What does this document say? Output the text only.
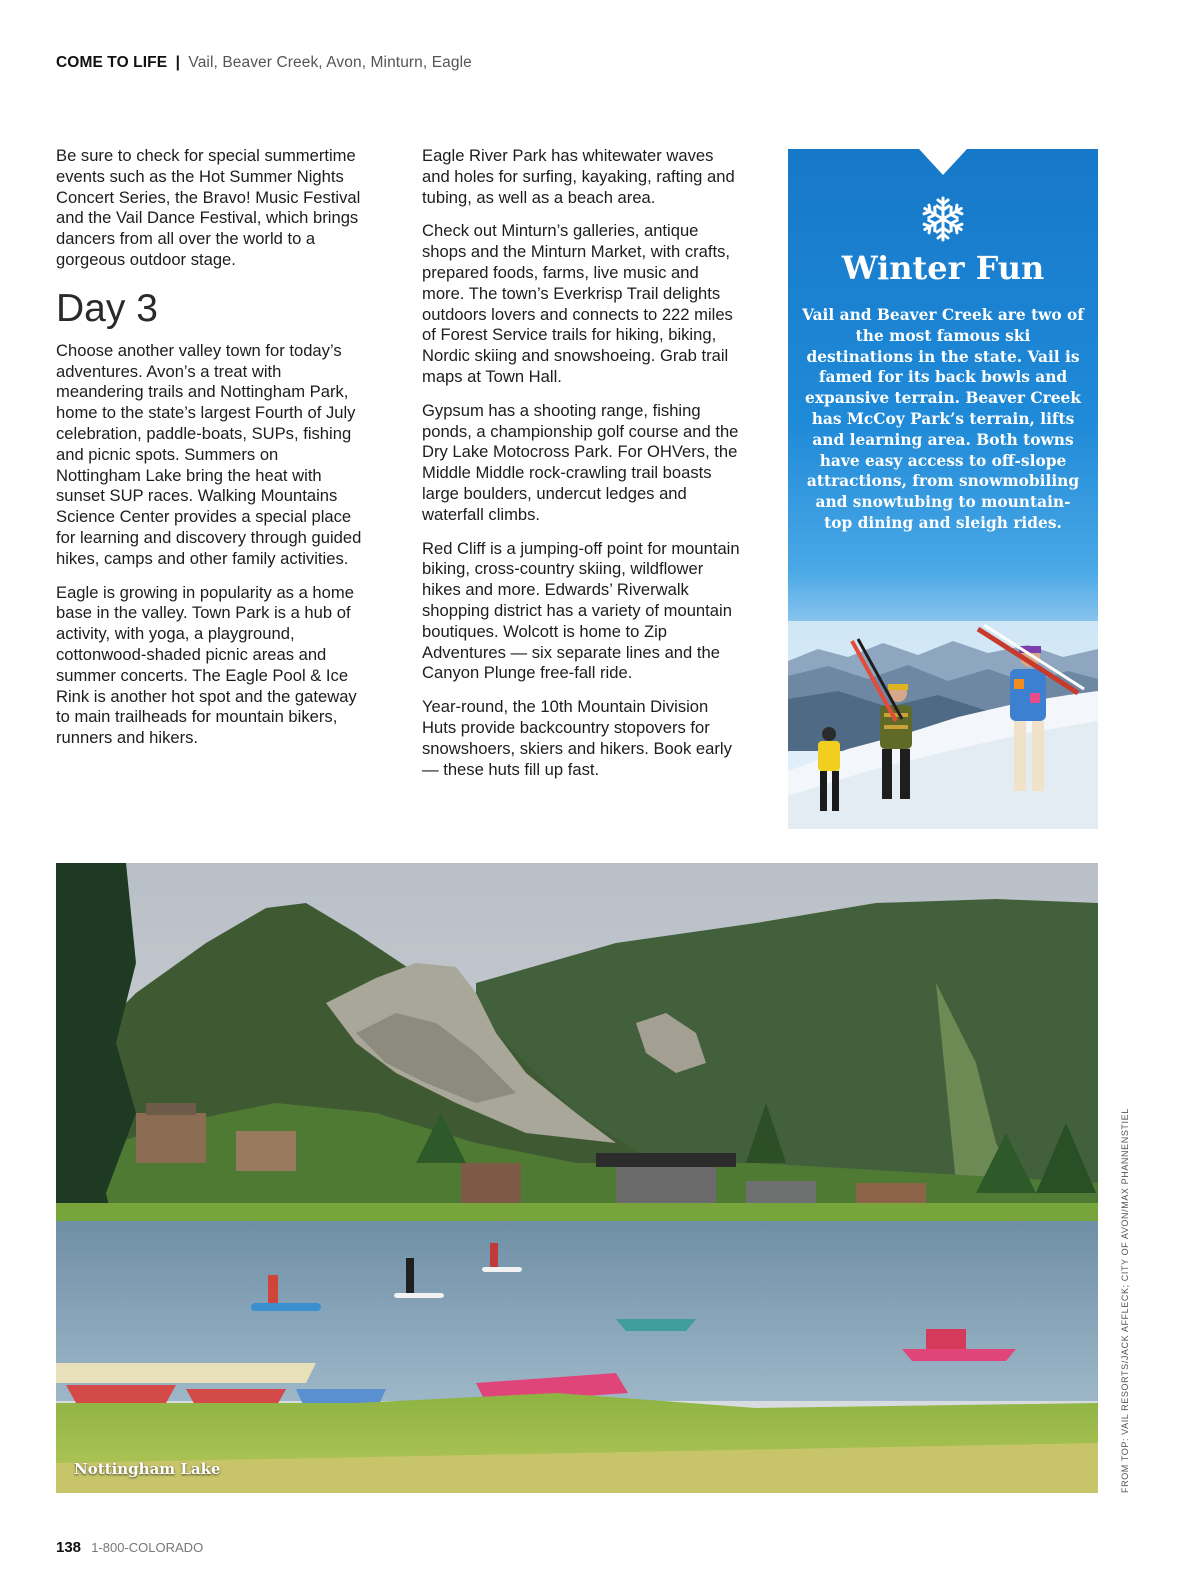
COME TO LIFE | Vail, Beaver Creek, Avon, Minturn, Eagle

Be sure to check for special summertime events such as the Hot Summer Nights Concert Series, the Bravo! Music Festival and the Vail Dance Festival, which brings dancers from all over the world to a gorgeous outdoor stage.

Day 3

Choose another valley town for today’s adventures. Avon’s a treat with meandering trails and Nottingham Park, home to the state’s largest Fourth of July celebration, paddle-boats, SUPs, fishing and picnic spots. Summers on Nottingham Lake bring the heat with sunset SUP races. Walking Mountains Science Center provides a special place for learning and discovery through guided hikes, camps and other family activities.

Eagle is growing in popularity as a home base in the valley. Town Park is a hub of activity, with yoga, a playground, cottonwood-shaded picnic areas and summer concerts. The Eagle Pool & Ice Rink is another hot spot and the gateway to main trailheads for mountain bikers, runners and hikers.

Eagle River Park has whitewater waves and holes for surfing, kayaking, rafting and tubing, as well as a beach area.

Check out Minturn’s galleries, antique shops and the Minturn Market, with crafts, prepared foods, farms, live music and more. The town’s Everkrisp Trail delights outdoors lovers and connects to 222 miles of Forest Service trails for hiking, biking, Nordic skiing and snowshoeing. Grab trail maps at Town Hall.

Gypsum has a shooting range, fishing ponds, a championship golf course and the Dry Lake Motocross Park. For OHVers, the Middle Middle rock-crawling trail boasts large boulders, undercut ledges and waterfall climbs.

Red Cliff is a jumping-off point for mountain biking, cross-country skiing, wildflower hikes and more. Edwards’ Riverwalk shopping district has a variety of mountain boutiques. Wolcott is home to Zip Adventures — six separate lines and the Canyon Plunge free-fall ride.

Year-round, the 10th Mountain Division Huts provide backcountry stopovers for snowshoers, skiers and hikers. Book early — these huts fill up fast.

Winter Fun
Vail and Beaver Creek are two of the most famous ski destinations in the state. Vail is famed for its back bowls and expansive terrain. Beaver Creek has McCoy Park’s terrain, lifts and learning area. Both towns have easy access to off-slope attractions, from snowmobiling and snowtubing to mountain-top dining and sleigh rides.
Nottingham Lake	FROM TOP: VAIL RESORTS/JACK AFFLECK; CITY OF AVON/MAX PHANNENSTIEL
138 1-800-COLORADO
